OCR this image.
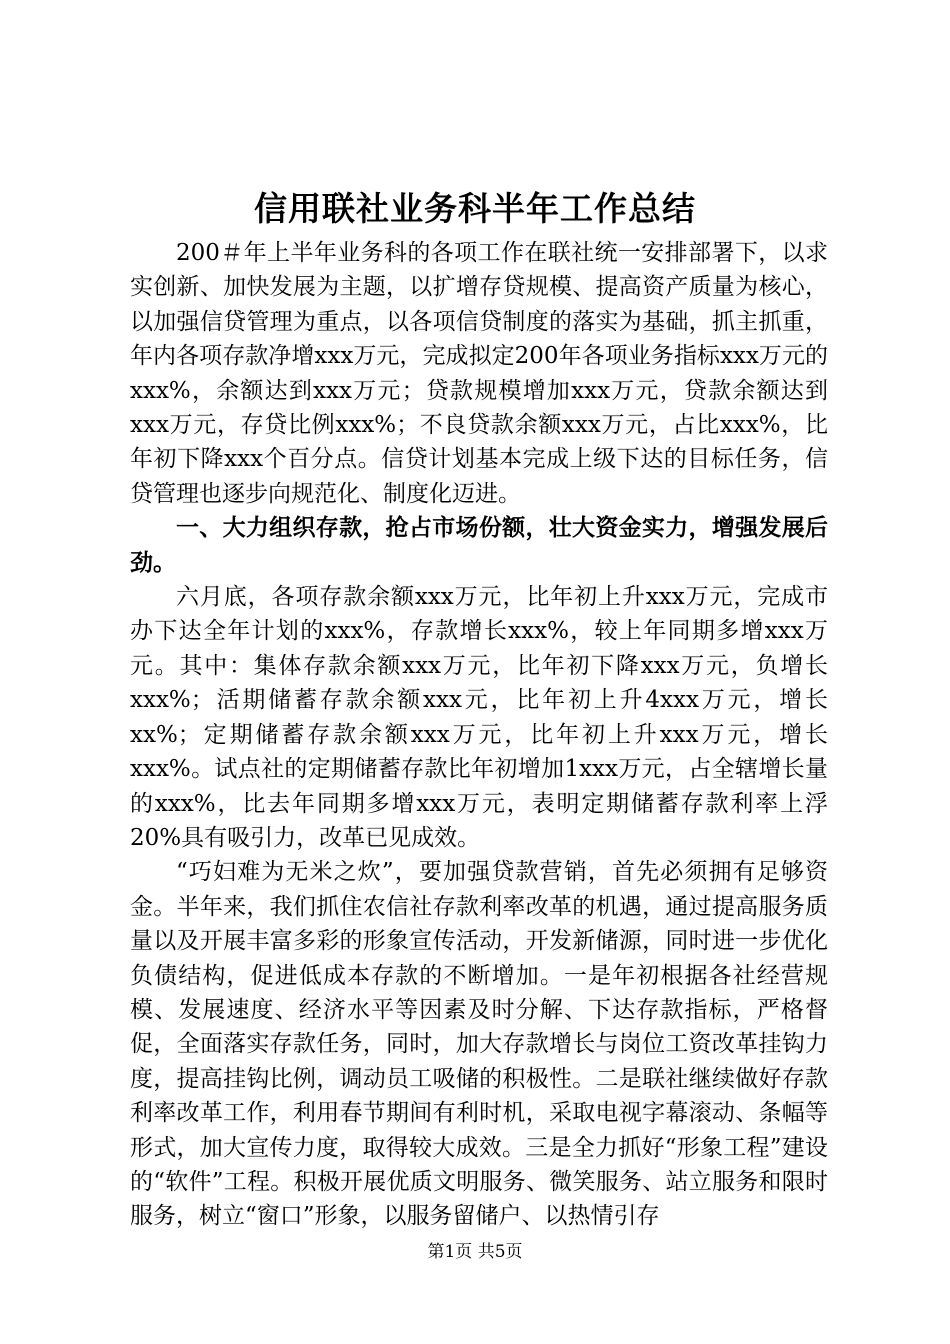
信用联社业务科半年工作总结

200＃年上半年业务科的各项工作在联社统一安排部署下，以求实创新、加快发展为主题，以扩增存贷规模、提高资产质量为核心，以加强信贷管理为重点，以各项信贷制度的落实为基础，抓主抓重，年内各项存款净增xxx万元，完成拟定200年各项业务指标xxx万元的xxx%，余额达到xxx万元；贷款规模增加xxx万元，贷款余额达到xxx万元，存贷比例xxx%；不良贷款余额xxx万元，占比xxx%，比年初下降xxx个百分点。信贷计划基本完成上级下达的目标任务，信贷管理也逐步向规范化、制度化迈进。

一、大力组织存款，抢占市场份额，壮大资金实力，增强发展后劲。

六月底，各项存款余额xxx万元，比年初上升xxx万元，完成市办下达全年计划的xxx%，存款增长xxx%，较上年同期多增xxx万元。其中：集体存款余额xxx万元，比年初下降xxx万元，负增长xxx%；活期储蓄存款余额xxx元，比年初上升4xxx万元，增长xx%；定期储蓄存款余额xxx万元，比年初上升xxx万元，增长xxx%。试点社的定期储蓄存款比年初增加1xxx万元，占全辖增长量的xxx%，比去年同期多增xxx万元，表明定期储蓄存款利率上浮20%具有吸引力，改革已见成效。

“巧妇难为无米之炊”，要加强贷款营销，首先必须拥有足够资金。半年来，我们抓住农信社存款利率改革的机遇，通过提高服务质量以及开展丰富多彩的形象宣传活动，开发新储源，同时进一步优化负债结构，促进低成本存款的不断增加。一是年初根据各社经营规模、发展速度、经济水平等因素及时分解、下达存款指标，严格督促，全面落实存款任务，同时，加大存款增长与岗位工资改革挂钩力度，提高挂钩比例，调动员工吸储的积极性。二是联社继续做好存款利率改革工作，利用春节期间有利时机，采取电视字幕滚动、条幅等形式，加大宣传力度，取得较大成效。三是全力抓好“形象工程”建设的“软件”工程。积极开展优质文明服务、微笑服务、站立服务和限时服务，树立“窗口”形象，以服务留储户、以热情引存

第1页 共5页
